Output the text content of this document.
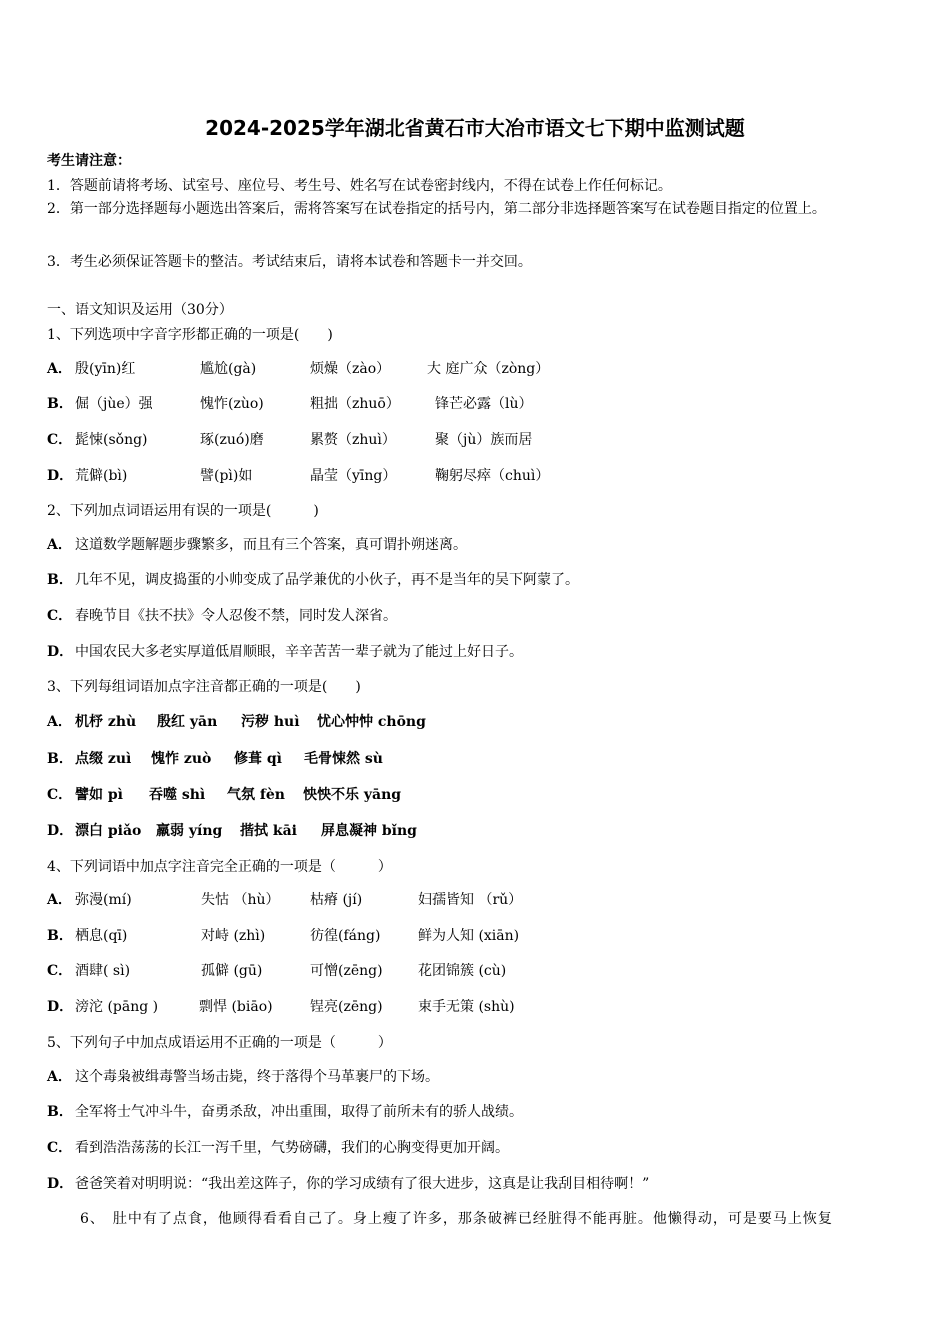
2024-2025学年湖北省黄石市大冶市语文七下期中监测试题
考生请注意：
1．答题前请将考场、试室号、座位号、考生号、姓名写在试卷密封线内，不得在试卷上作任何标记。
2．第一部分选择题每小题选出答案后，需将答案写在试卷指定的括号内，第二部分非选择题答案写在试卷题目指定的位置上。
3．考生必须保证答题卡的整洁。考试结束后，请将本试卷和答题卡一并交回。
一、语文知识及运用（30分）
1、下列选项中字音字形都正确的一项是(　　)
A． 殷(yīn)红	尴尬(gà)	烦燥（zào）	大 庭广众（zòng）
B． 倔（jùe）强	愧怍(zùo)	粗拙（zhuō）	锋芒必露（lù）
C． 髭悚(sǒng)	琢(zuó)磨	累赘（zhuì）	聚（jù）族而居
D． 荒僻(bì)	譬(pì)如	晶莹（yīng）	鞠躬尽瘁（chuì）
2、下列加点词语运用有误的一项是(　　　)
A． 这道数学题解题步骤繁多，而且有三个答案，真可谓扑朔迷离。
B． 几年不见，调皮捣蛋的小帅变成了品学兼优的小伙子，再不是当年的吴下阿蒙了。
C． 春晚节目《扶不扶》令人忍俊不禁，同时发人深省。
D． 中国农民大多老实厚道低眉顺眼，辛辛苦苦一辈子就为了能过上好日子。
3、下列每组词语加点字注音都正确的一项是(　　)
A． 机杼 zhù 殷红 yān 污秽 huì 忧心忡忡 chōng
B． 点缀 zuì 愧怍 zuò 修葺 qì 毛骨悚然 sù
C． 譬如 pì 吞噬 shì 气氛 fèn 怏怏不乐 yāng
D． 漂白 piǎo 羸弱 yíng 揩拭 kāi 屏息凝神 bǐng
4、下列词语中加点字注音完全正确的一项是（　　　）
A． 弥漫(mí)	失怙 （hù） 枯瘠 (jí)	妇孺皆知 （rǔ）
B． 栖息(qī)	对峙 (zhì)	彷徨(fáng)	鲜为人知 (xiān)
C． 酒肆( sì)	孤僻 (gū)	可憎(zēng)	花团锦簇 (cù)
D． 滂沱 (pāng )	剽悍 (biāo)	锃亮(zēng)	束手无策 (shù)
5、下列句子中加点成语运用不正确的一项是（　　　）
A． 这个毒枭被缉毒警当场击毙，终于落得个马革裹尸的下场。
B． 全军将士气冲斗牛，奋勇杀敌，冲出重围，取得了前所未有的骄人战绩。
C． 看到浩浩荡荡的长江一泻千里，气势磅礴，我们的心胸变得更加开阔。
D． 爸爸笑着对明明说：“我出差这阵子，你的学习成绩有了很大进步，这真是让我刮目相待啊！”
6、　肚中有了点食，他顾得看看自己了。身上瘦了许多，那条破裤已经脏得不能再脏。他懒得动，可是要马上恢复
